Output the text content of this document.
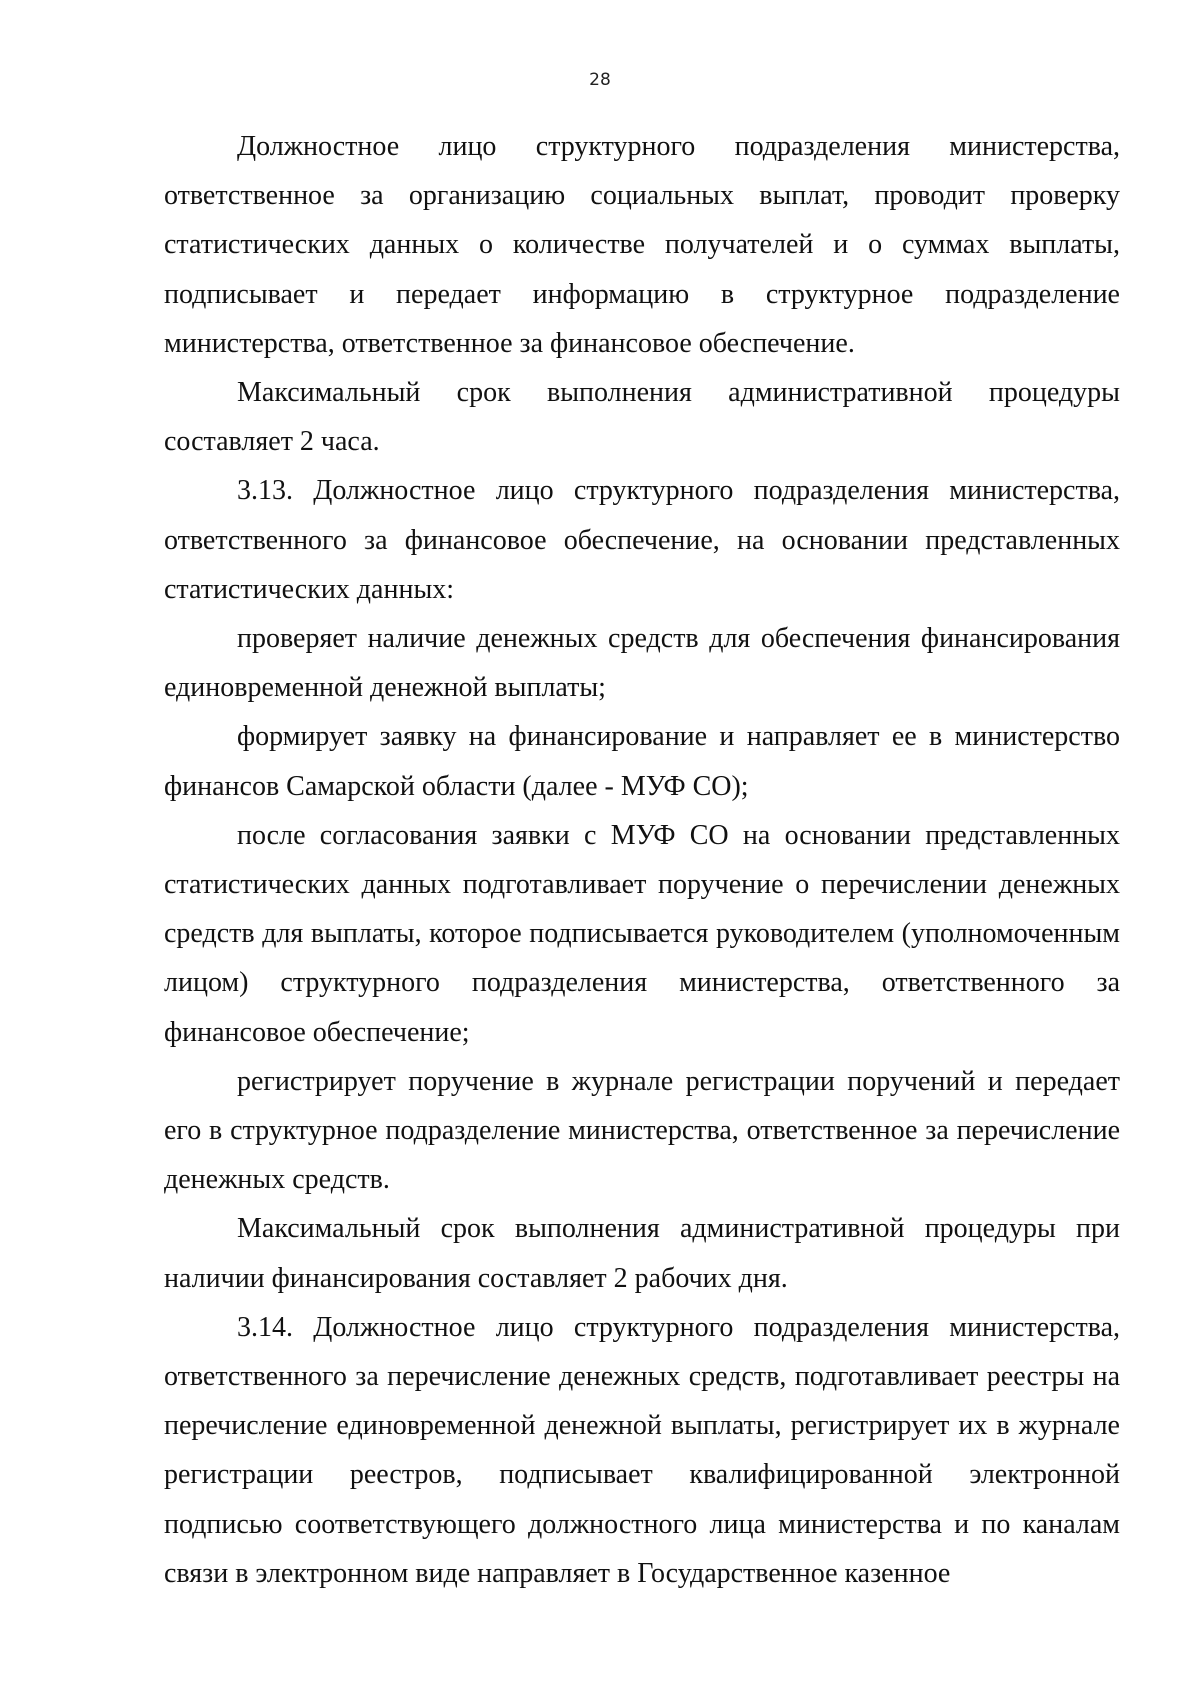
28

Должностное лицо структурного подразделения министерства, ответственное за организацию социальных выплат, проводит проверку статистических данных о количестве получателей и о суммах выплаты, подписывает и передает информацию в структурное подразделение министерства, ответственное за финансовое обеспечение.

Максимальный срок выполнения административной процедуры составляет 2 часа.

3.13. Должностное лицо структурного подразделения министерства, ответственного за финансовое обеспечение, на основании представленных статистических данных:

проверяет наличие денежных средств для обеспечения финансирования единовременной денежной выплаты;

формирует заявку на финансирование и направляет ее в министерство финансов Самарской области (далее - МУФ СО);

после согласования заявки с МУФ СО на основании представленных статистических данных подготавливает поручение о перечислении денежных средств для выплаты, которое подписывается руководителем (уполномоченным лицом) структурного подразделения министерства, ответственного за финансовое обеспечение;

регистрирует поручение в журнале регистрации поручений и передает его в структурное подразделение министерства, ответственное за перечисление денежных средств.

Максимальный срок выполнения административной процедуры при наличии финансирования составляет 2 рабочих дня.

3.14. Должностное лицо структурного подразделения министерства, ответственного за перечисление денежных средств, подготавливает реестры на перечисление единовременной денежной выплаты, регистрирует их в журнале регистрации реестров, подписывает квалифицированной электронной подписью соответствующего должностного лица министерства и по каналам связи в электронном виде направляет в Государственное казенное
